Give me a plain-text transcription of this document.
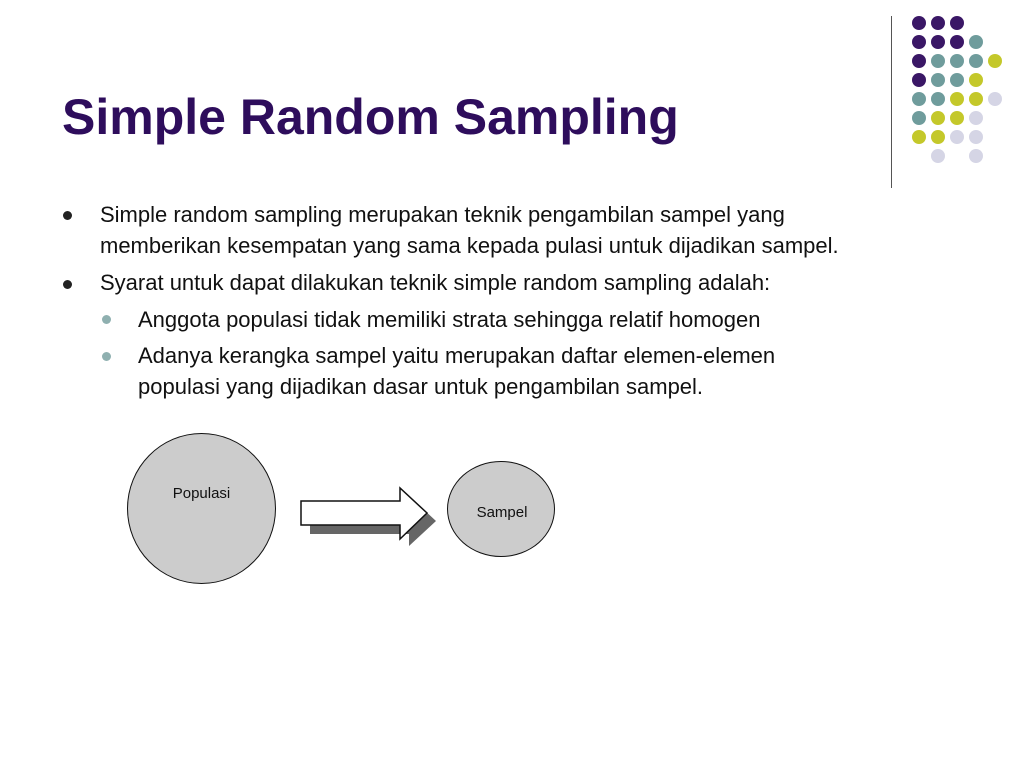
Simple Random Sampling
Simple random sampling merupakan teknik pengambilan sampel yang
memberikan kesempatan yang sama kepada pulasi untuk dijadikan sampel.
Syarat untuk dapat dilakukan teknik simple random sampling adalah:
Anggota populasi tidak memiliki strata sehingga relatif homogen
Adanya kerangka sampel yaitu merupakan daftar elemen-elemen
populasi yang dijadikan dasar untuk pengambilan sampel.
Populasi
Sampel
